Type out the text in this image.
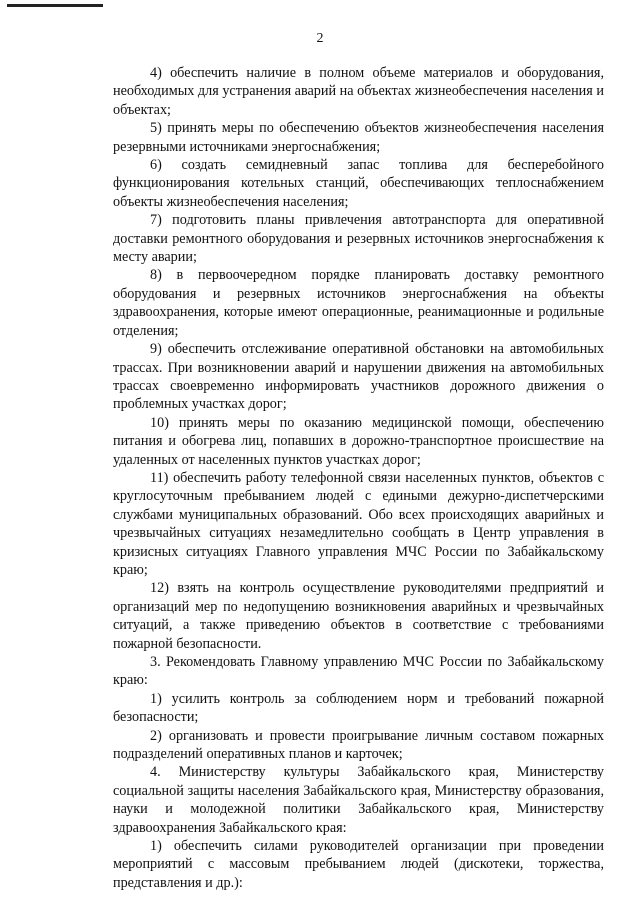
2

4) обеспечить наличие в полном объеме материалов и оборудования, необходимых для устранения аварий на объектах жизнеобеспечения населения и объектах;

5) принять меры по обеспечению объектов жизнеобеспечения населения резервными источниками энергоснабжения;

6) создать семидневный запас топлива для бесперебойного функционирования котельных станций, обеспечивающих теплоснабжением объекты жизнеобеспечения населения;

7) подготовить планы привлечения автотранспорта для оперативной доставки ремонтного оборудования и резервных источников энергоснабжения к месту аварии;

8) в первоочередном порядке планировать доставку ремонтного оборудования и резервных источников энергоснабжения на объекты здравоохранения, которые имеют операционные, реанимационные и родильные отделения;

9) обеспечить отслеживание оперативной обстановки на автомобильных трассах. При возникновении аварий и нарушении движения на автомобильных трассах своевременно информировать участников дорожного движения о проблемных участках дорог;

10) принять меры по оказанию медицинской помощи, обеспечению питания и обогрева лиц, попавших в дорожно-транспортное происшествие на удаленных от населенных пунктов участках дорог;

11) обеспечить работу телефонной связи населенных пунктов, объектов с круглосуточным пребыванием людей с едиными дежурно-диспетчерскими службами муниципальных образований. Обо всех происходящих аварийных и чрезвычайных ситуациях незамедлительно сообщать в Центр управления в кризисных ситуациях Главного управления МЧС России по Забайкальскому краю;

12) взять на контроль осуществление руководителями предприятий и организаций мер по недопущению возникновения аварийных и чрезвычайных ситуаций, а также приведению объектов в соответствие с требованиями пожарной безопасности.

3. Рекомендовать Главному управлению МЧС России по Забайкальскому краю:

1) усилить контроль за соблюдением норм и требований пожарной безопасности;

2) организовать и провести проигрывание личным составом пожарных подразделений оперативных планов и карточек;

4. Министерству культуры Забайкальского края, Министерству социальной защиты населения Забайкальского края, Министерству образования, науки и молодежной политики Забайкальского края, Министерству здравоохранения Забайкальского края:

1) обеспечить силами руководителей организации при проведении мероприятий с массовым пребыванием людей (дискотеки, торжества, представления и др.):
